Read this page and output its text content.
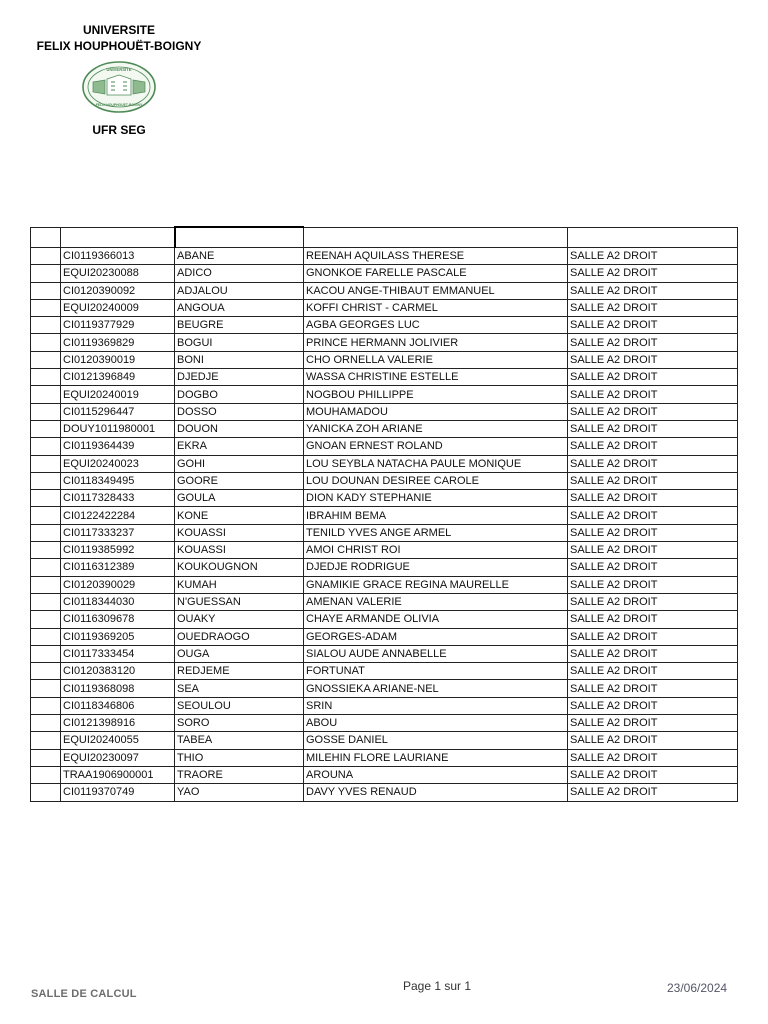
UNIVERSITE
FELIX HOUPHOUËT-BOIGNY
UNIVERSITE
FELIX HOUPHOUET-BOIGNY
UFR SEG

	CI0119366013	ABANE	REENAH AQUILASS THERESE	SALLE A2 DROIT
	EQUI20230088	ADICO	GNONKOE FARELLE PASCALE	SALLE A2 DROIT
	CI0120390092	ADJALOU	KACOU ANGE-THIBAUT EMMANUEL	SALLE A2 DROIT
	EQUI20240009	ANGOUA	KOFFI CHRIST - CARMEL	SALLE A2 DROIT
	CI0119377929	BEUGRE	AGBA GEORGES LUC	SALLE A2 DROIT
	CI0119369829	BOGUI	PRINCE HERMANN JOLIVIER	SALLE A2 DROIT
	CI0120390019	BONI	CHO ORNELLA VALERIE	SALLE A2 DROIT
	CI0121396849	DJEDJE	WASSA CHRISTINE ESTELLE	SALLE A2 DROIT
	EQUI20240019	DOGBO	NOGBOU PHILLIPPE	SALLE A2 DROIT
	CI0115296447	DOSSO	MOUHAMADOU	SALLE A2 DROIT
	DOUY1011980001	DOUON	YANICKA ZOH ARIANE	SALLE A2 DROIT
	CI0119364439	EKRA	GNOAN ERNEST ROLAND	SALLE A2 DROIT
	EQUI20240023	GOHI	LOU SEYBLA NATACHA PAULE MONIQUE	SALLE A2 DROIT
	CI0118349495	GOORE	LOU DOUNAN DESIREE CAROLE	SALLE A2 DROIT
	CI0117328433	GOULA	DION KADY STEPHANIE	SALLE A2 DROIT
	CI0122422284	KONE	IBRAHIM BEMA	SALLE A2 DROIT
	CI0117333237	KOUASSI	TENILD YVES ANGE ARMEL	SALLE A2 DROIT
	CI0119385992	KOUASSI	AMOI CHRIST ROI	SALLE A2 DROIT
	CI0116312389	KOUKOUGNON	DJEDJE RODRIGUE	SALLE A2 DROIT
	CI0120390029	KUMAH	GNAMIKIE GRACE REGINA MAURELLE	SALLE A2 DROIT
	CI0118344030	N'GUESSAN	AMENAN VALERIE	SALLE A2 DROIT
	CI0116309678	OUAKY	CHAYE ARMANDE OLIVIA	SALLE A2 DROIT
	CI0119369205	OUEDRAOGO	GEORGES-ADAM	SALLE A2 DROIT
	CI0117333454	OUGA	SIALOU AUDE ANNABELLE	SALLE A2 DROIT
	CI0120383120	REDJEME	FORTUNAT	SALLE A2 DROIT
	CI0119368098	SEA	GNOSSIEKA ARIANE-NEL	SALLE A2 DROIT
	CI0118346806	SEOULOU	SRIN	SALLE A2 DROIT
	CI0121398916	SORO	ABOU	SALLE A2 DROIT
	EQUI20240055	TABEA	GOSSE DANIEL	SALLE A2 DROIT
	EQUI20230097	THIO	MILEHIN FLORE LAURIANE	SALLE A2 DROIT
	TRAA1906900001	TRAORE	AROUNA	SALLE A2 DROIT
	CI0119370749	YAO	DAVY YVES RENAUD	SALLE A2 DROIT
SALLE DE CALCUL
Page 1 sur 1	23/06/2024
